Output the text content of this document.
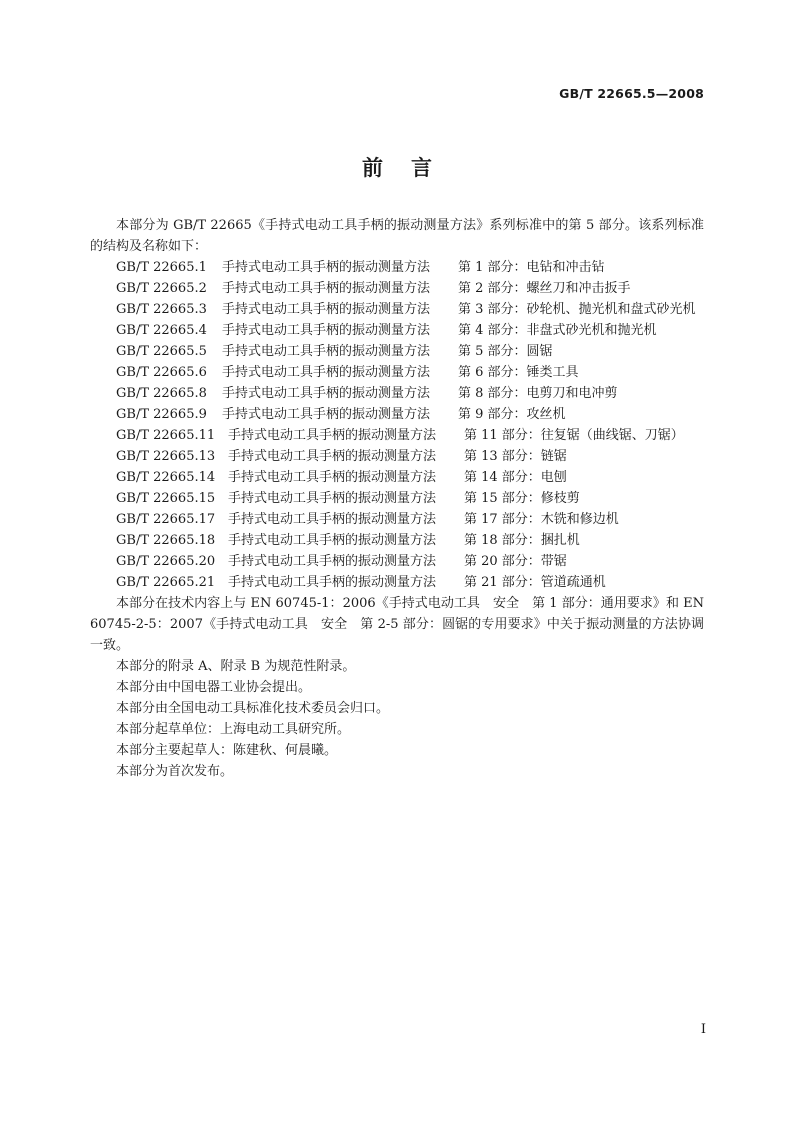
GB/T 22665.5—2008
前言

本部分为 GB/T 22665《手持式电动工具手柄的振动测量方法》系列标准中的第 5 部分。该系列标准的结构及名称如下：

GB/T 22665.1	手持式电动工具手柄的振动测量方法	第 1 部分：电钻和冲击钻
GB/T 22665.2	手持式电动工具手柄的振动测量方法	第 2 部分：螺丝刀和冲击扳手
GB/T 22665.3	手持式电动工具手柄的振动测量方法	第 3 部分：砂轮机、抛光机和盘式砂光机
GB/T 22665.4	手持式电动工具手柄的振动测量方法	第 4 部分：非盘式砂光机和抛光机
GB/T 22665.5	手持式电动工具手柄的振动测量方法	第 5 部分：圆锯
GB/T 22665.6	手持式电动工具手柄的振动测量方法	第 6 部分：锤类工具
GB/T 22665.8	手持式电动工具手柄的振动测量方法	第 8 部分：电剪刀和电冲剪
GB/T 22665.9	手持式电动工具手柄的振动测量方法	第 9 部分：攻丝机
GB/T 22665.11 手持式电动工具手柄的振动测量方法	第 11 部分：往复锯（曲线锯、刀锯）
GB/T 22665.13 手持式电动工具手柄的振动测量方法	第 13 部分：链锯
GB/T 22665.14 手持式电动工具手柄的振动测量方法	第 14 部分：电刨
GB/T 22665.15 手持式电动工具手柄的振动测量方法	第 15 部分：修枝剪
GB/T 22665.17 手持式电动工具手柄的振动测量方法	第 17 部分：木铣和修边机
GB/T 22665.18 手持式电动工具手柄的振动测量方法	第 18 部分：捆扎机
GB/T 22665.20 手持式电动工具手柄的振动测量方法	第 20 部分：带锯
GB/T 22665.21 手持式电动工具手柄的振动测量方法	第 21 部分：管道疏通机

本部分在技术内容上与 EN 60745-1：2006《手持式电动工具　安全　第 1 部分：通用要求》和 EN 60745-2-5：2007《手持式电动工具　安全　第 2-5 部分：圆锯的专用要求》中关于振动测量的方法协调一致。

本部分的附录 A、附录 B 为规范性附录。

本部分由中国电器工业协会提出。

本部分由全国电动工具标准化技术委员会归口。

本部分起草单位：上海电动工具研究所。

本部分主要起草人：陈建秋、何晨曦。

本部分为首次发布。

I
